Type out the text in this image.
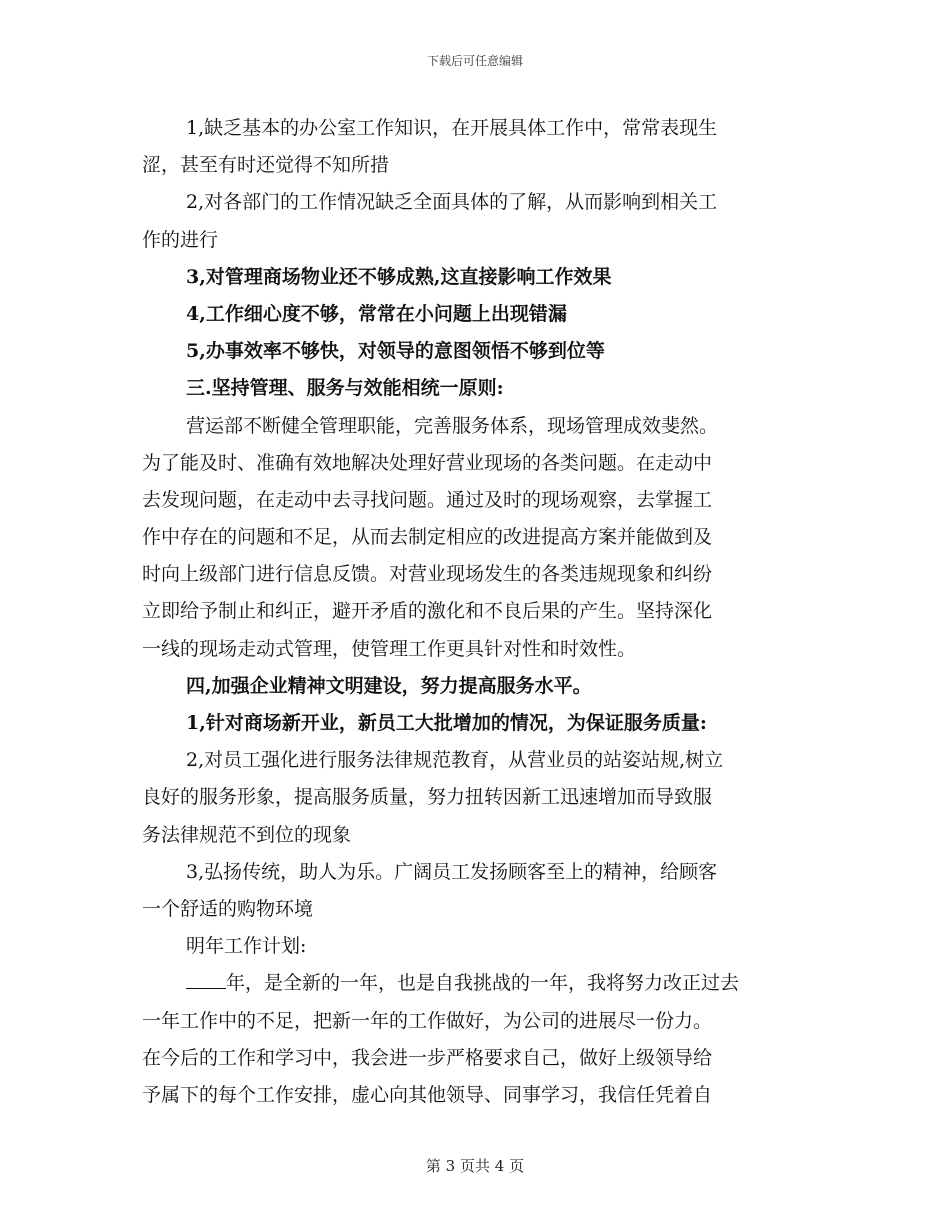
下载后可任意编辑
1,缺乏基本的办公室工作知识，在开展具体工作中，常常表现生
涩，甚至有时还觉得不知所措
2,对各部门的工作情况缺乏全面具体的了解，从而影响到相关工
作的进行
3,对管理商场物业还不够成熟,这直接影响工作效果
4,工作细心度不够，常常在小问题上出现错漏
5,办事效率不够快，对领导的意图领悟不够到位等
三.坚持管理、服务与效能相统一原则:
营运部不断健全管理职能，完善服务体系，现场管理成效斐然。
为了能及时、准确有效地解决处理好营业现场的各类问题。在走动中
去发现问题，在走动中去寻找问题。通过及时的现场观察，去掌握工
作中存在的问题和不足，从而去制定相应的改进提高方案并能做到及
时向上级部门进行信息反馈。对营业现场发生的各类违规现象和纠纷
立即给予制止和纠正，避开矛盾的激化和不良后果的产生。坚持深化
一线的现场走动式管理，使管理工作更具针对性和时效性。
四,加强企业精神文明建设，努力提高服务水平。
1,针对商场新开业，新员工大批增加的情况，为保证服务质量:
2,对员工强化进行服务法律规范教育，从营业员的站姿站规,树立
良好的服务形象，提高服务质量，努力扭转因新工迅速增加而导致服
务法律规范不到位的现象
3,弘扬传统，助人为乐。广阔员工发扬顾客至上的精神，给顾客
一个舒适的购物环境
明年工作计划:
年，是全新的一年，也是自我挑战的一年，我将努力改正过去
一年工作中的不足，把新一年的工作做好，为公司的进展尽一份力。
在今后的工作和学习中，我会进一步严格要求自己，做好上级领导给
予属下的每个工作安排，虚心向其他领导、同事学习，我信任凭着自
第 3 页共 4 页
